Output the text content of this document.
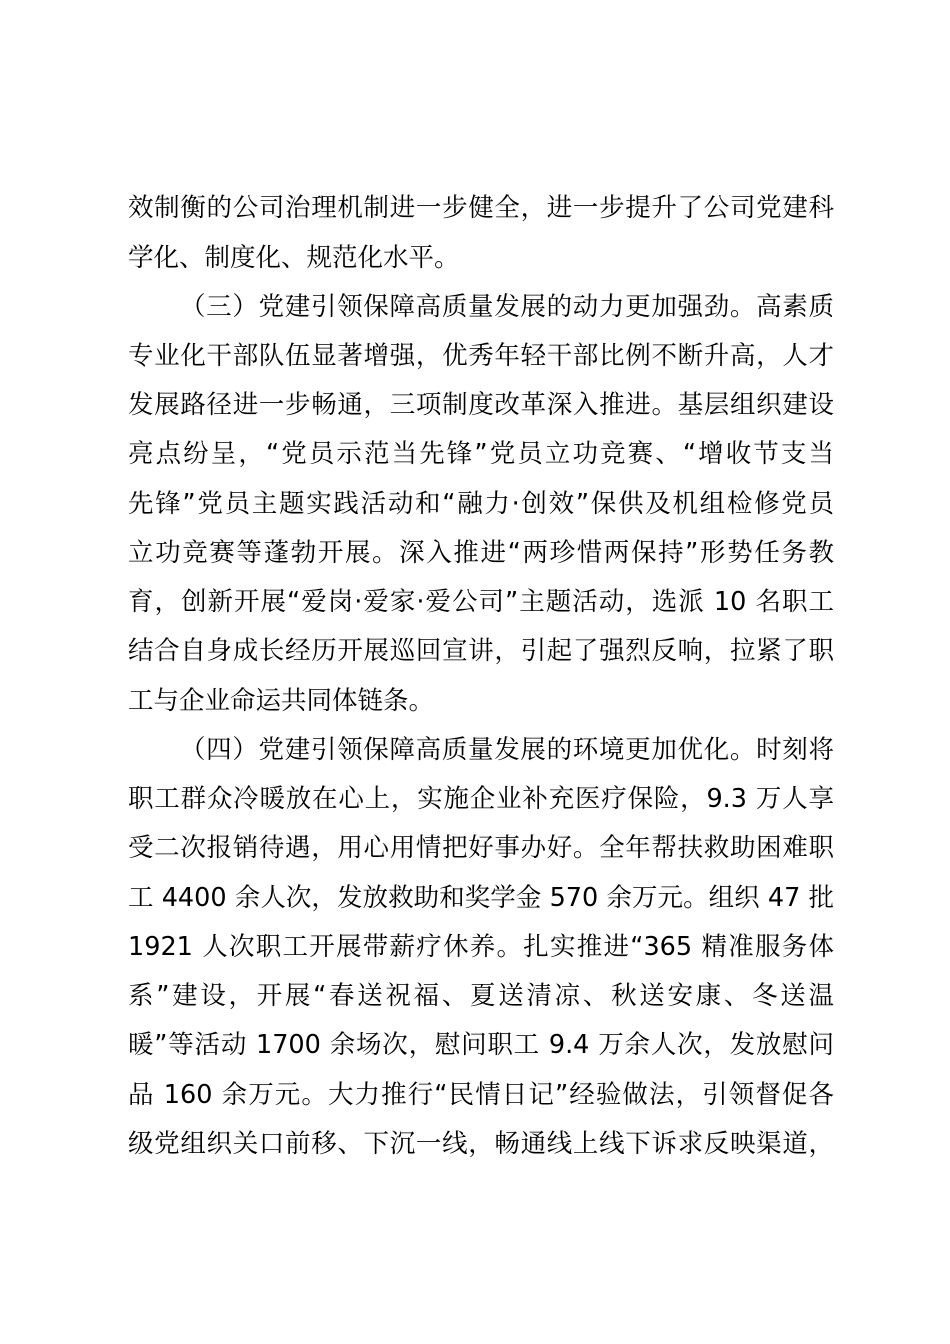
效制衡的公司治理机制进一步健全，进一步提升了公司党建科

学化、制度化、规范化水平。

（三）党建引领保障高质量发展的动力更加强劲。高素质

专业化干部队伍显著增强，优秀年轻干部比例不断升高，人才

发展路径进一步畅通，三项制度改革深入推进。基层组织建设

亮点纷呈，“党员示范当先锋”党员立功竞赛、“增收节支当

先锋”党员主题实践活动和“融力·创效”保供及机组检修党员

立功竞赛等蓬勃开展。深入推进“两珍惜两保持”形势任务教

育，创新开展“爱岗·爱家·爱公司”主题活动，选派 10 名职工

结合自身成长经历开展巡回宣讲，引起了强烈反响，拉紧了职

工与企业命运共同体链条。

（四）党建引领保障高质量发展的环境更加优化。时刻将

职工群众冷暖放在心上，实施企业补充医疗保险，9.3 万人享

受二次报销待遇，用心用情把好事办好。全年帮扶救助困难职

工 4400 余人次，发放救助和奖学金 570 余万元。组织 47 批

1921 人次职工开展带薪疗休养。扎实推进“365 精准服务体

系”建设，开展“春送祝福、夏送清凉、秋送安康、冬送温

暖”等活动 1700 余场次，慰问职工 9.4 万余人次，发放慰问

品 160 余万元。大力推行“民情日记”经验做法，引领督促各

级党组织关口前移、下沉一线，畅通线上线下诉求反映渠道，
